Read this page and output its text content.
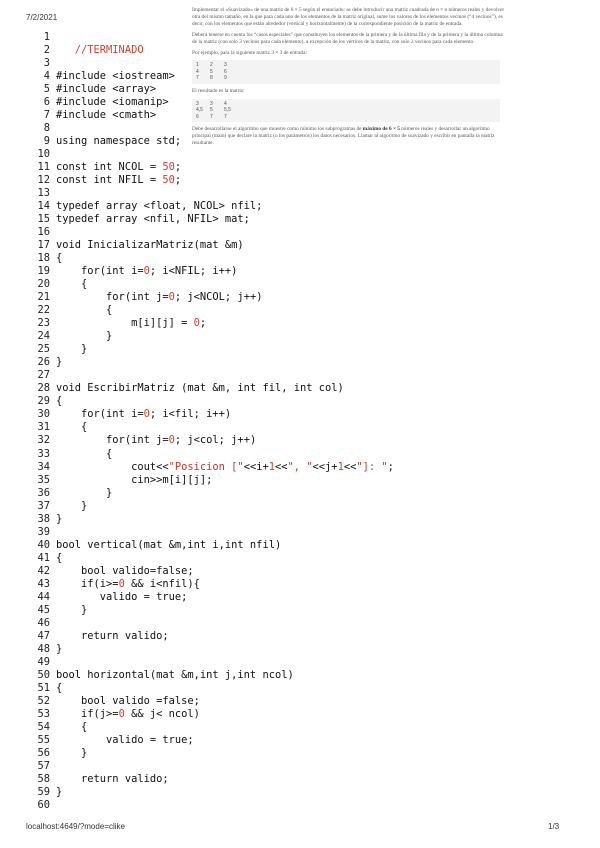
7/2/2021

Implementar el «Suavizado» de una matriz de 6 × 5 según el enunciado: se debe introducir una matriz cuadrada de n × n números reales y devolver otra del mismo tamaño, en la que para cada uno de los elementos de la matriz original, sume los valores de los elementos vecinos (“4 vecinos”), es decir, con los elementos que están alrededor (vertical y horizontalmente) de la correspondiente posición de la matriz de entrada.

Deberá tenerse en cuenta los “casos especiales” que constituyen los elementos de la primera y de la última fila y de la primera y la última columna de la matriz (con solo 3 vecinos para cada elemento), a excepción de los vértices de la matriz, con solo 2 vecinos para cada elemento.

Por ejemplo, para la siguiente matriz 3 × 3 de entrada:

1	2	3
4	5	6
7	8	9

El resultado es la matriz:

3	3	4
4,5	5	5,5
6	7	7

Debe desarrollarse el algoritmo que muestre como mínimo los subprogramas de máximo de 6 × 5 números reales y desarrollar un algoritmo principal (main) que declare la matriz (o los parámetros) los datos necesarios. Llamar al algoritmo de suavizado y escribir en pantalla la matriz resultante.

1
2   //TERMINADO
3
4 #include <iostream>
5 #include <array>
6 #include <iomanip>
7 #include <cmath>
8
9 using namespace std;
10
11 const int NCOL = 50;
12 const int NFIL = 50;
13
14 typedef array <float, NCOL> nfil;
15 typedef array <nfil, NFIL> mat;
16
17 void InicializarMatriz(mat &m)
18 {
19    for(int i=0; i<NFIL; i++)
20    {
21        for(int j=0; j<NCOL; j++)
22        {
23            m[i][j] = 0;
24        }
25    }
26 }
27
28 void EscribirMatriz (mat &m, int fil, int col)
29 {
30    for(int i=0; i<fil; i++)
31    {
32        for(int j=0; j<col; j++)
33        {
34            cout<<"Posicion ["<<i+1<<", "<<j+1<<"]: ";
35            cin>>m[i][j];
36        }
37    }
38 }
39
40 bool vertical(mat &m,int i,int nfil)
41 {
42    bool valido=false;
43    if(i>=0 && i<nfil){
44       valido = true;
45    }
46
47    return valido;
48 }
49
50 bool horizontal(mat &m,int j,int ncol)
51 {
52    bool valido =false;
53    if(j>=0 && j< ncol)
54    {
55        valido = true;
56    }
57
58    return valido;
59 }
60
localhost:4649/?mode=clike	1/3
